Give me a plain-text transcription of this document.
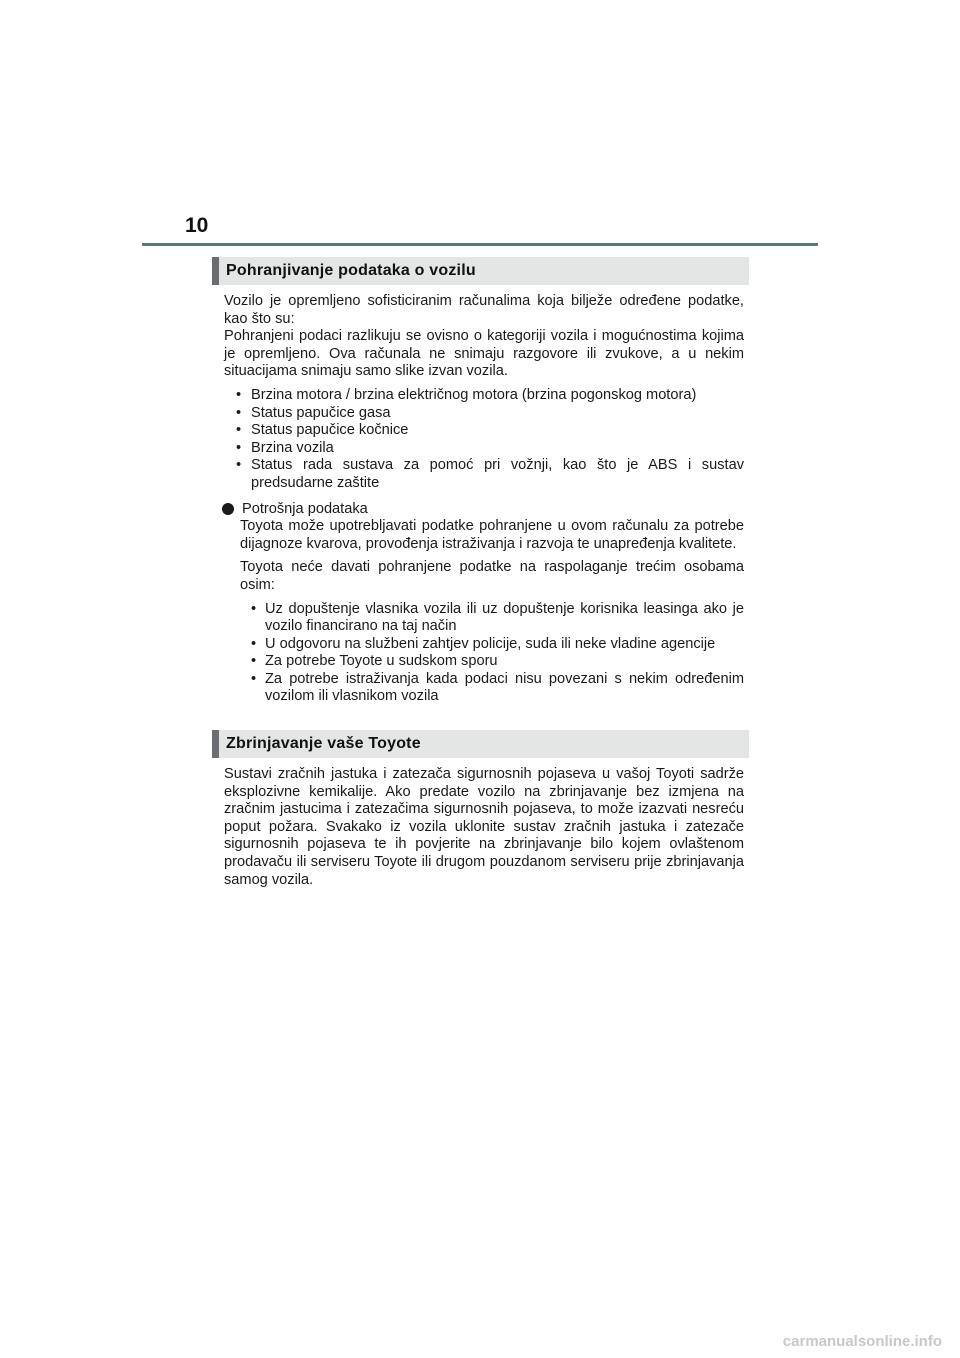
10
Pohranjivanje podataka o vozilu

Vozilo je opremljeno sofisticiranim računalima koja bilježe određene podatke, kao što su:

Pohranjeni podaci razlikuju se ovisno o kategoriji vozila i mogućnostima kojima je opremljeno. Ova računala ne snimaju razgovore ili zvukove, a u nekim situacijama snimaju samo slike izvan vozila.

• Brzina motora / brzina električnog motora (brzina pogonskog motora)
• Status papučice gasa
• Status papučice kočnice
• Brzina vozila
• Status rada sustava za pomoć pri vožnji, kao što je ABS i sustav predsudarne zaštite
Potrošnja podataka

Toyota može upotrebljavati podatke pohranjene u ovom računalu za potrebe dijagnoze kvarova, provođenja istraživanja i razvoja te unapređenja kvalitete.

Toyota neće davati pohranjene podatke na raspolaganje trećim osobama osim:

• Uz dopuštenje vlasnika vozila ili uz dopuštenje korisnika leasinga ako je vozilo financirano na taj način
• U odgovoru na službeni zahtjev policije, suda ili neke vladine agencije
• Za potrebe Toyote u sudskom sporu
• Za potrebe istraživanja kada podaci nisu povezani s nekim određenim vozilom ili vlasnikom vozila
Zbrinjavanje vaše Toyote

Sustavi zračnih jastuka i zatezača sigurnosnih pojaseva u vašoj Toyoti sadrže eksplozivne kemikalije. Ako predate vozilo na zbrinjavanje bez izmjena na zračnim jastucima i zatezačima sigurnosnih pojaseva, to može izazvati nesreću poput požara. Svakako iz vozila uklonite sustav zračnih jastuka i zatezače sigurnosnih pojaseva te ih povjerite na zbrinjavanje bilo kojem ovlaštenom prodavaču ili serviseru Toyote ili drugom pouzdanom serviseru prije zbrinjavanja samog vozila.

carmanualsonline.info
